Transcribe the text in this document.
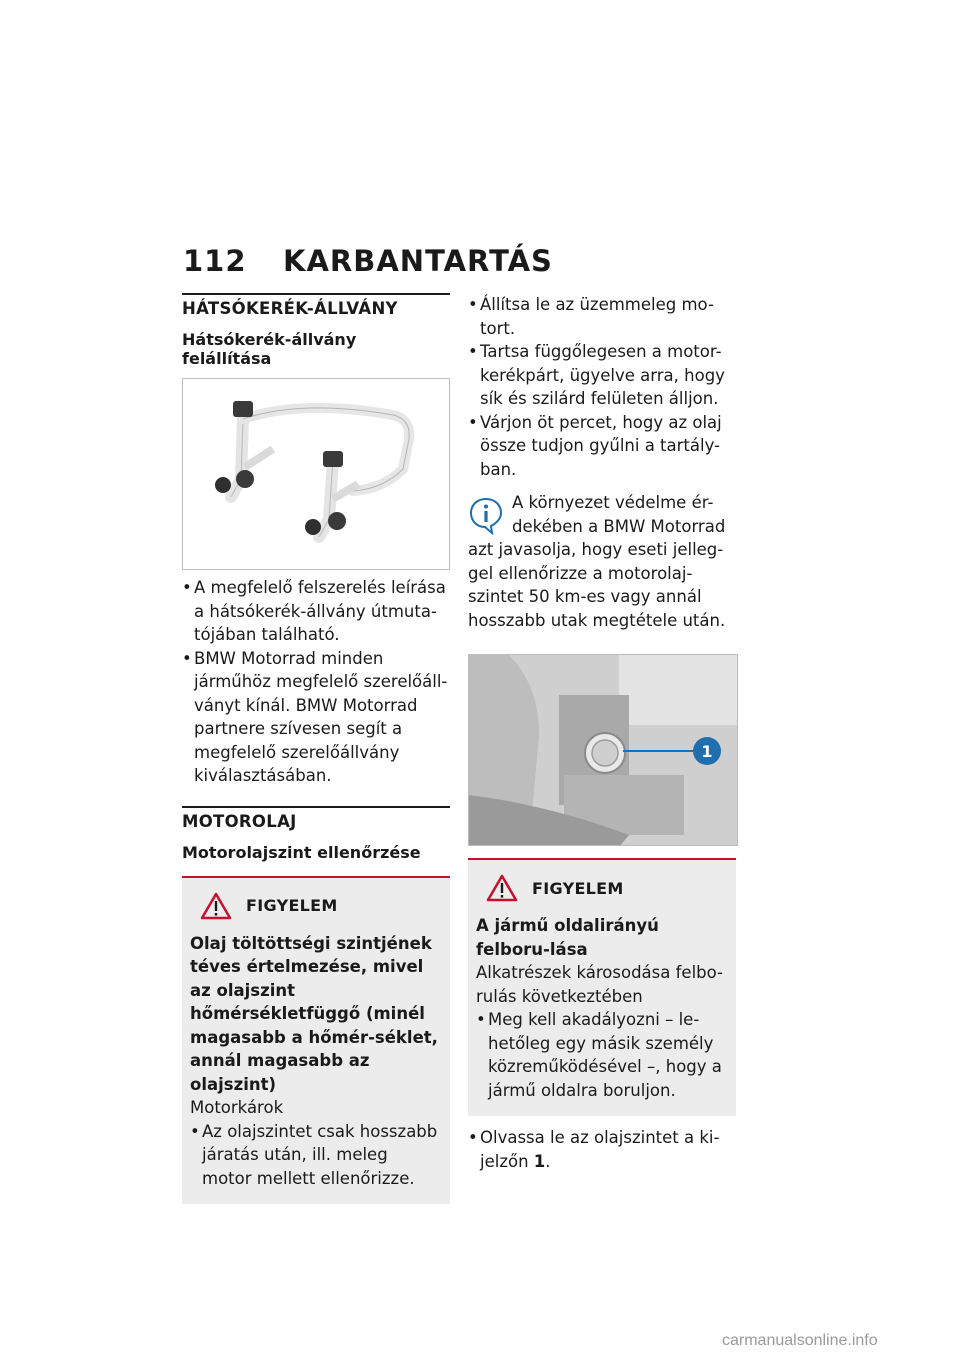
112 KARBANTARTÁS
HÁTSÓKERÉK-ÁLLVÁNY
Hátsókerék-állvány felállítása
• A megfelelő felszerelés leírása a hátsókerék-állvány útmuta-tójában található.
• BMW Motorrad minden járműhöz megfelelő szerelőáll-ványt kínál. BMW Motorrad partnere szívesen segít a megfelelő szerelőállvány kiválasztásában.
MOTOROLAJ
Motorolajszint ellenőrzése
FIGYELEM
Olaj töltöttségi szintjének téves értelmezése, mivel az olajszint hőmérsékletfüggő (minél magasabb a hőmér-séklet, annál magasabb az olajszint)
Motorkárok
• Az olajszintet csak hosszabb járatás után, ill. meleg motor mellett ellenőrizze.
• Állítsa le az üzemmeleg mo-tort.
• Tartsa függőlegesen a motor-kerékpárt, ügyelve arra, hogy sík és szilárd felületen álljon.
• Várjon öt percet, hogy az olaj össze tudjon gyűlni a tartály-ban.
A környezet védelme ér-dekében a BMW Motorrad azt javasolja, hogy eseti jelleg-gel ellenőrizze a motorolaj-szintet 50 km-es vagy annál hosszabb utak megtétele után.
1
FIGYELEM
A jármű oldalirányú felboru-lása
Alkatrészek károsodása felbo-rulás következtében
• Meg kell akadályozni – le-hetőleg egy másik személy közreműködésével –, hogy a jármű oldalra boruljon.
• Olvassa le az olajszintet a ki-jelzőn 1.
carmanualsonline.info
